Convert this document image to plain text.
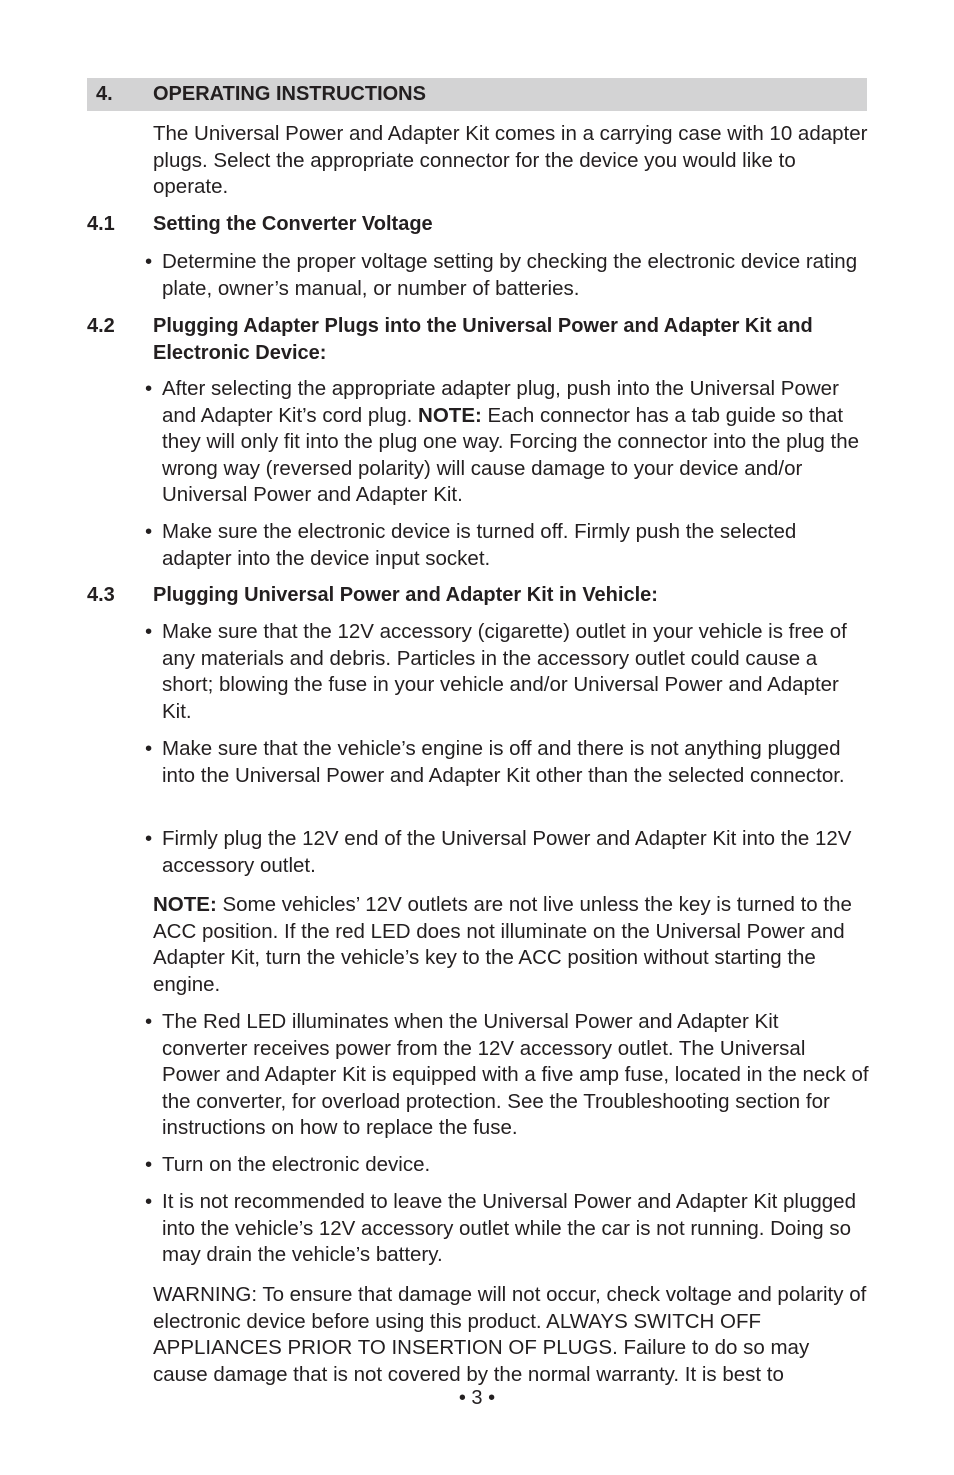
4. OPERATING INSTRUCTIONS

The Universal Power and Adapter Kit comes in a carrying case with 10 adapter plugs. Select the appropriate connector for the device you would like to operate.

4.1 Setting the Converter Voltage
• Determine the proper voltage setting by checking the electronic device rating plate, owner’s manual, or number of batteries.
4.2 Plugging Adapter Plugs into the Universal Power and Adapter Kit and Electronic Device:
• After selecting the appropriate adapter plug, push into the Universal Power and Adapter Kit’s cord plug. NOTE: Each connector has a tab guide so that they will only fit into the plug one way. Forcing the connector into the plug the wrong way (reversed polarity) will cause damage to your device and/or Universal Power and Adapter Kit.
• Make sure the electronic device is turned off. Firmly push the selected adapter into the device input socket.
4.3 Plugging Universal Power and Adapter Kit in Vehicle:
• Make sure that the 12V accessory (cigarette) outlet in your vehicle is free of any materials and debris. Particles in the accessory outlet could cause a short; blowing the fuse in your vehicle and/or Universal Power and Adapter Kit.
• Make sure that the vehicle’s engine is off and there is not anything plugged into the Universal Power and Adapter Kit other than the selected connector.
• Firmly plug the 12V end of the Universal Power and Adapter Kit into the 12V accessory outlet.

NOTE: Some vehicles’ 12V outlets are not live unless the key is turned to the ACC position. If the red LED does not illuminate on the Universal Power and Adapter Kit, turn the vehicle’s key to the ACC position without starting the engine.

• The Red LED illuminates when the Universal Power and Adapter Kit converter receives power from the 12V accessory outlet. The Universal Power and Adapter Kit is equipped with a five amp fuse, located in the neck of the converter, for overload protection. See the Troubleshooting section for instructions on how to replace the fuse.
• Turn on the electronic device.
• It is not recommended to leave the Universal Power and Adapter Kit plugged into the vehicle’s 12V accessory outlet while the car is not running. Doing so may drain the vehicle’s battery.

WARNING: To ensure that damage will not occur, check voltage and polarity of electronic device before using this product. ALWAYS SWITCH OFF APPLIANCES PRIOR TO INSERTION OF PLUGS. Failure to do so may cause damage that is not covered by the normal warranty. It is best to

• 3 •
